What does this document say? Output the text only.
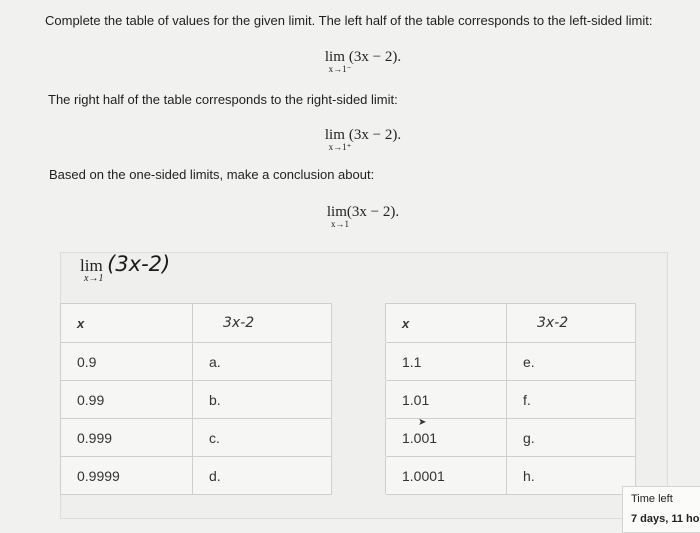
Complete the table of values for the given limit. The left half of the table corresponds to the left-sided limit:
lim (3x − 2).
x→1⁻
The right half of the table corresponds to the right-sided limit:
lim (3x − 2).
x→1⁺
Based on the one-sided limits, make a conclusion about:
lim(3x − 2).
x→1
lim (3x-2)
x→1
x	3x-2		x	3x-2
0.9	a.		1.1	e.
0.99	b.		1.01	f.
0.999	c.		1.001	g.
0.9999	d.		1.0001	h.
➤
Time left
7 days, 11 ho
